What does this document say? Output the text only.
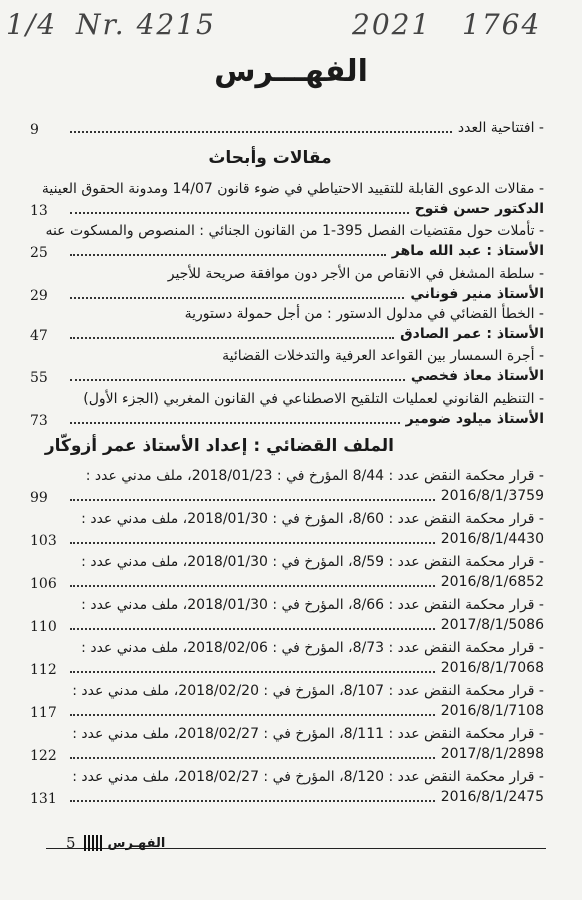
1/4 Nr. 4215	2021 1764
الفهـــرس
- افتتاحية العدد
9
مقالات وأبحاث
- مقالات الدعوى القابلة للتقييد الاحتياطي في ضوء قانون 14/07 ومدونة الحقوق العينية
الدكتور حسن فتوح
13
- تأملات حول مقتضيات الفصل 395-1 من القانون الجنائي : المنصوص والمسكوت عنه
الأستاذ : عبد الله ماهر
25
- سلطة المشغل في الانقاص من الأجر دون موافقة صريحة للأجير
الأستاذ منير فوناني
29
- الخطأ القضائي في مدلول الدستور : من أجل حمولة دستورية
الأستاذ : عمر الصادق
47
- أجرة السمسار بين القواعد العرفية والتدخلات القضائية
الأستاذ معاذ فخصي
55
- التنظيم القانوني لعمليات التلقيح الاصطناعي في القانون المغربي (الجزء الأول)
الأستاذ ميلود ضومير
73
الملف القضائي : إعداد الأستاذ عمر أزوكّار
- قرار محكمة النقض عدد : 8/44 المؤرخ في : 2018/01/23، ملف مدني عدد :
2016/8/1/3759
99
- قرار محكمة النقض عدد : 8/60، المؤرخ في : 2018/01/30، ملف مدني عدد :
2016/8/1/4430
103
- قرار محكمة النقض عدد : 8/59، المؤرخ في : 2018/01/30، ملف مدني عدد :
2016/8/1/6852
106
- قرار محكمة النقض عدد : 8/66، المؤرخ في : 2018/01/30، ملف مدني عدد :
2017/8/1/5086
110
- قرار محكمة النقض عدد : 8/73، المؤرخ في : 2018/02/06، ملف مدني عدد :
2016/8/1/7068
112
- قرار محكمة النقض عدد : 8/107، المؤرخ في : 2018/02/20، ملف مدني عدد :
2016/8/1/7108
117
- قرار محكمة النقض عدد : 8/111، المؤرخ في : 2018/02/27، ملف مدني عدد :
2017/8/1/2898
122
- قرار محكمة النقض عدد : 8/120، المؤرخ في : 2018/02/27، ملف مدني عدد :
2016/8/1/2475
131
5 الفهـرس
